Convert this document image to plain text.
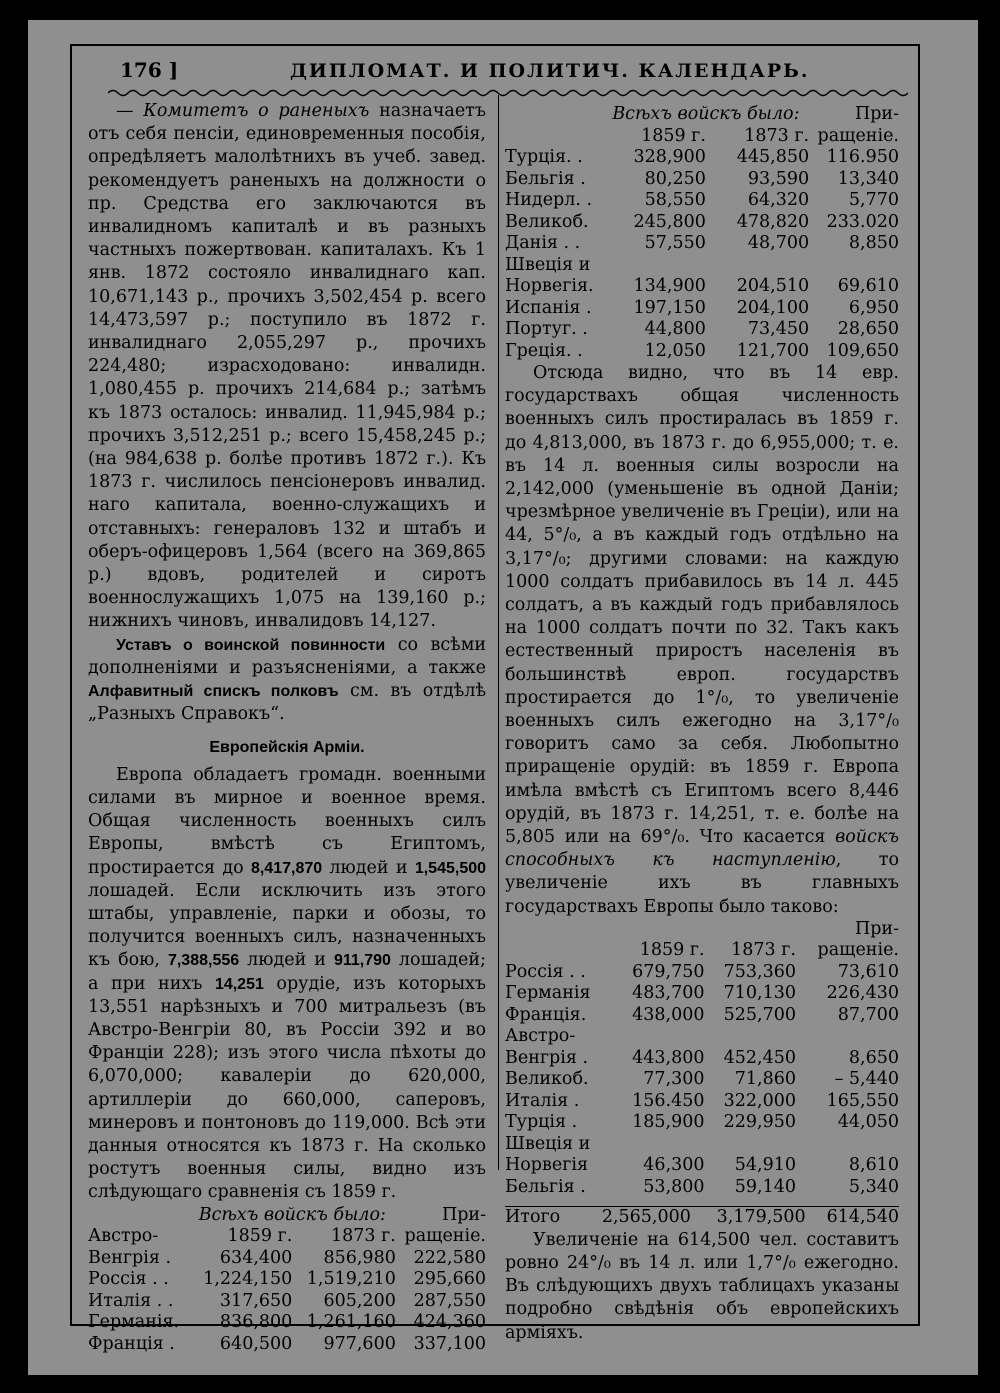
176 ]	ДИПЛОМАТ. И ПОЛИТИЧ. КАЛЕНДАРЬ.

— Комитетъ о раненыхъ назначаетъ отъ себя пенсіи, единовременныя пособія, опредѣляетъ малолѣтнихъ въ учеб. завед. рекомендуетъ раненыхъ на должности о пр. Средства его заключаются въ инвалидномъ капиталѣ и въ разныхъ частныхъ пожертвован. капиталахъ. Къ 1 янв. 1872 состояло инвалиднаго кап. 10,671,143 р., прочихъ 3,502,454 р. всего 14,473,597 р.; поступило въ 1872 г. инвалиднаго 2,055,297 р., прочихъ 224,480; израсходовано: инвалидн. 1,080,455 р. прочихъ 214,684 р.; затѣмъ къ 1873 осталось: инвалид. 11,945,984 р.; прочихъ 3,512,251 р.; всего 15,458,245 р.; (на 984,638 р. болѣе противъ 1872 г.). Къ 1873 г. числилось пенсіонеровъ инвалид. наго капитала, военно-служащихъ и отставныхъ: генераловъ 132 и штабъ и оберъ-офицеровъ 1,564 (всего на 369,865 р.) вдовъ, родителей и сиротъ военнослужащихъ 1,075 на 139,160 р.; нижнихъ чиновъ, инвалидовъ 14,127.

Уставъ о воинской повинности со всѣми дополненіями и разъясненіями, а также Алфавитный спискъ полковъ см. въ отдѣлѣ „Разныхъ Справокъ“.

Европейскія Арміи.

Европа обладаетъ громадн. военными силами въ мирное и военное время. Общая численность военныхъ силъ Европы, вмѣстѣ съ Египтомъ, простирается до 8,417,870 людей и 1,545,500 лошадей. Если исключить изъ этого штабы, управленіе, парки и обозы, то получится военныхъ силъ, назначенныхъ къ бою, 7,388,556 людей и 911,790 лошадей; а при нихъ 14,251 орудіе, изъ которыхъ 13,551 нарѣзныхъ и 700 митральезъ (въ Австро-Венгріи 80, въ Россіи 392 и во Франціи 228); изъ этого числа пѣхоты до 6,070,000; кавалеріи до 620,000, артиллеріи до 660,000, саперовъ, минеровъ и понтоновъ до 119,000. Всѣ эти данныя относятся къ 1873 г. На сколько ростутъ военныя силы, видно изъ слѣдующаго сравненія съ 1859 г.

	Всѣхъ войскъ было:		При-
Австро-	1859 г.	1873 г.	ращеніе.
Венгрія .	634,400	856,980	222,580
Россія . .	1,224,150	1,519,210	295,660
Италія . .	317,650	605,200	287,550
Германія.	836,800	1,261,160	424,360
Франція .	640,500	977,600	337,100
	Всѣхъ войскъ было:		При-
	1859 г.	1873 г.	ращеніе.
Турція. .	328,900	445,850	116.950
Бельгія .	80,250	93,590	13,340
Нидерл. .	58,550	64,320	5,770
Великоб.	245,800	478,820	233.020
Данія . .	57,550	48,700	8,850
Швеція и			
Норвегія.	134,900	204,510	69,610
Испанія .	197,150	204,100	6,950
Португ. .	44,800	73,450	28,650
Греція. .	12,050	121,700	109,650

Отсюда видно, что въ 14 евр. государствахъ общая численность военныхъ силъ простиралась въ 1859 г. до 4,813,000, въ 1873 г. до 6,955,000; т. е. въ 14 л. военныя силы возросли на 2,142,000 (уменьшеніе въ одной Даніи; чрезмѣрное увеличеніе въ Греціи), или на 44, 5°/₀, а въ каждый годъ отдѣльно на 3,17°/₀; другими словами: на каждую 1000 солдатъ прибавилось въ 14 л. 445 солдатъ, а въ каждый годъ прибавлялось на 1000 солдатъ почти по 32. Такъ какъ естественный приростъ населенія въ большинствѣ европ. государствъ простирается до 1°/₀, то увеличеніе военныхъ силъ ежегодно на 3,17°/₀ говоритъ само за себя. Любопытно приращеніе орудій: въ 1859 г. Европа имѣла вмѣстѣ съ Египтомъ всего 8,446 орудій, въ 1873 г. 14,251, т. е. болѣе на 5,805 или на 69°/₀. Что касается войскъ способныхъ къ наступленію, то увеличеніе ихъ въ главныхъ государствахъ Европы было таково:

			При-
	1859 г.	1873 г.	ращеніе.
Россія . .	679,750	753,360	73,610
Германія	483,700	710,130	226,430
Франція.	438,000	525,700	87,700
Австро-			
Венгрія .	443,800	452,450	8,650
Великоб.	77,300	71,860	– 5,440
Италія .	156.450	322,000	165,550
Турція .	185,900	229,950	44,050
Швеція и			
Норвегія	46,300	54,910	8,610
Бельгія .	53,800	59,140	5,340
Итого	2,565,000	3,179,500	614,540

Увеличеніе на 614,500 чел. составитъ ровно 24°/₀ въ 14 л. или 1,7°/₀ ежегодно. Въ слѣдующихъ двухъ таблицахъ указаны подробно свѣдѣнія объ европейскихъ арміяхъ.
